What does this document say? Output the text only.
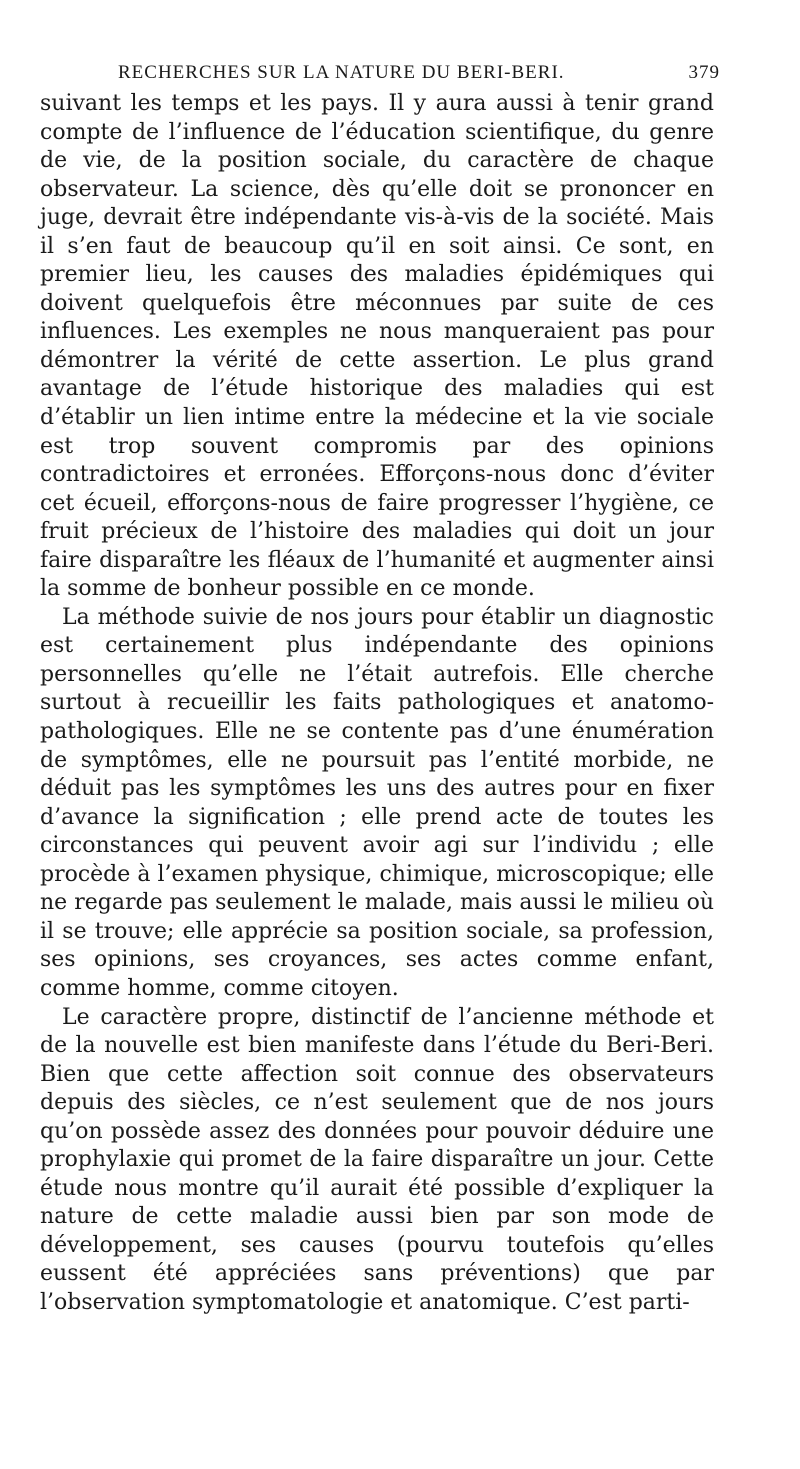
RECHERCHES SUR LA NATURE DU BERI-BERI.	379

suivant les temps et les pays. Il y aura aussi à tenir grand compte de l’influence de l’éducation scientifique, du genre de vie, de la position sociale, du caractère de chaque observateur. La science, dès qu’elle doit se prononcer en juge, devrait être indépendante vis-à-vis de la société. Mais il s’en faut de beaucoup qu’il en soit ainsi. Ce sont, en premier lieu, les causes des maladies épidémiques qui doivent quelquefois être méconnues par suite de ces influences. Les exemples ne nous manqueraient pas pour démontrer la vérité de cette assertion. Le plus grand avantage de l’étude historique des maladies qui est d’établir un lien intime entre la médecine et la vie sociale est trop souvent compromis par des opinions contradictoires et erronées. Efforçons-nous donc d’éviter cet écueil, efforçons-nous de faire progresser l’hygiène, ce fruit précieux de l’histoire des maladies qui doit un jour faire disparaître les fléaux de l’humanité et augmenter ainsi la somme de bonheur possible en ce monde.

La méthode suivie de nos jours pour établir un diagnostic est certainement plus indépendante des opinions personnelles qu’elle ne l’était autrefois. Elle cherche surtout à recueillir les faits pathologiques et anatomo-pathologiques. Elle ne se contente pas d’une énumération de symptômes, elle ne poursuit pas l’entité morbide, ne déduit pas les symptômes les uns des autres pour en fixer d’avance la signification ; elle prend acte de toutes les circonstances qui peuvent avoir agi sur l’individu ; elle procède à l’examen physique, chimique, microscopique; elle ne regarde pas seulement le malade, mais aussi le milieu où il se trouve; elle apprécie sa position sociale, sa profession, ses opinions, ses croyances, ses actes comme enfant, comme homme, comme citoyen.

Le caractère propre, distinctif de l’ancienne méthode et de la nouvelle est bien manifeste dans l’étude du Beri-Beri. Bien que cette affection soit connue des observateurs depuis des siècles, ce n’est seulement que de nos jours qu’on possède assez des données pour pouvoir déduire une prophylaxie qui promet de la faire disparaître un jour. Cette étude nous montre qu’il aurait été possible d’expliquer la nature de cette maladie aussi bien par son mode de développement, ses causes (pourvu toutefois qu’elles eussent été appréciées sans préventions) que par l’observation symptomatologie et anatomique. C’est parti-
